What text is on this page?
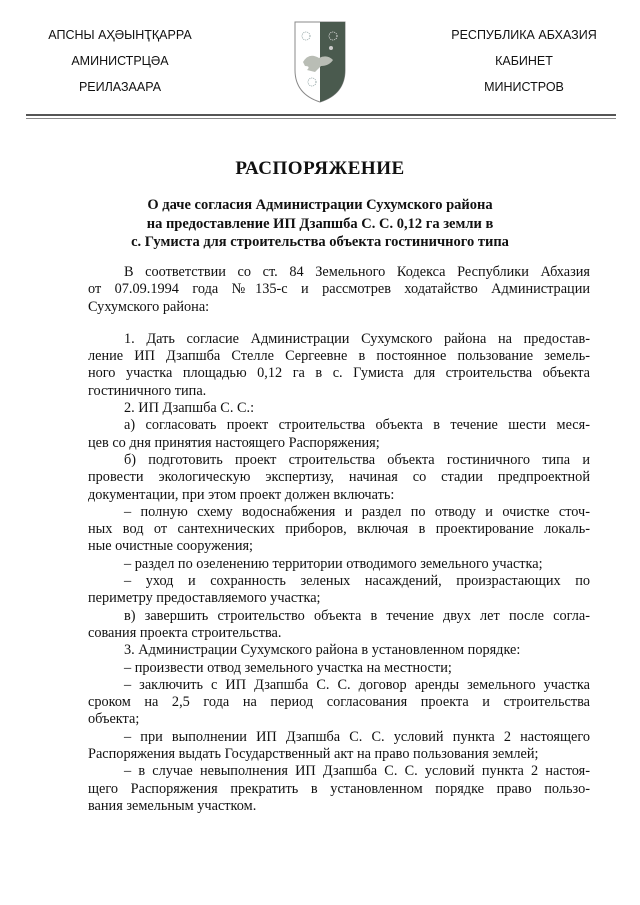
АПСНЫ АҲӘЫНҬҚАРРА
АМИНИСТРЦӘА
РЕИЛАЗААРА
РЕСПУБЛИКА АБХАЗИЯ
КАБИНЕТ
МИНИСТРОВ
РАСПОРЯЖЕНИЕ
О даче согласия Администрации Сухумского района
на предоставление ИП Дзапшба С. С. 0,12 га земли в
с. Гумиста для строительства объекта гостиничного типа
В соответствии со ст. 84 Земельного Кодекса Республики Абхазия
от 07.09.1994 года №135-с и рассмотрев ходатайство Администрации
Сухумского района:
1. Дать согласие Администрации Сухумского района на предостав-
ление ИП Дзапшба Стелле Сергеевне в постоянное пользование земель-
ного участка площадью 0,12 га в с. Гумиста для строительства объекта
гостиничного типа.
2. ИП Дзапшба С. С.:
а) согласовать проект строительства объекта в течение шести меся-
цев со дня принятия настоящего Распоряжения;
б) подготовить проект строительства объекта гостиничного типа и
провести экологическую экспертизу, начиная со стадии предпроектной
документации, при этом проект должен включать:
– полную схему водоснабжения и раздел по отводу и очистке сточ-
ных вод от сантехнических приборов, включая в проектирование локаль-
ные очистные сооружения;
– раздел по озеленению территории отводимого земельного участка;
– уход и сохранность зеленых насаждений, произрастающих по
периметру предоставляемого участка;
в) завершить строительство объекта в течение двух лет после согла-
сования проекта строительства.
3. Администрации Сухумского района в установленном порядке:
– произвести отвод земельного участка на местности;
– заключить с ИП Дзапшба С. С. договор аренды земельного участка
сроком на 2,5 года на период согласования проекта и строительства
объекта;
– при выполнении ИП Дзапшба С. С. условий пункта 2 настоящего
Распоряжения выдать Государственный акт на право пользования землей;
– в случае невыполнения ИП Дзапшба С. С. условий пункта 2 настоя-
щего Распоряжения прекратить в установленном порядке право пользо-
вания земельным участком.
